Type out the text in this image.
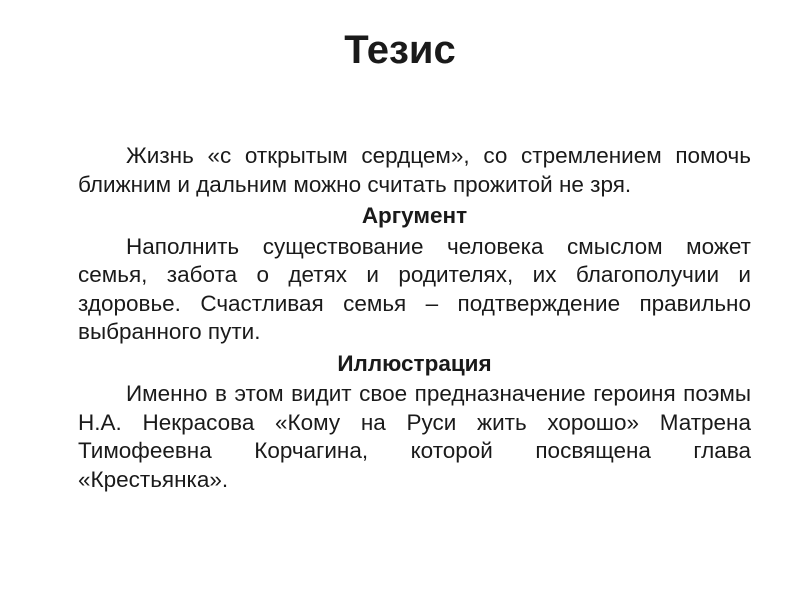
Тезис

Жизнь «с открытым сердцем», со стремлением помочь ближним и дальним можно считать прожитой не зря.

Аргумент

Наполнить существование человека смыслом может семья, забота о детях и родителях, их благополучии и здоровье. Счастливая семья – подтверждение правильно выбранного пути.

Иллюстрация

Именно в этом видит свое предназначение героиня поэмы Н.А. Некрасова «Кому на Руси жить хорошо» Матрена Тимофеевна Корчагина, которой посвящена глава «Крестьянка».
